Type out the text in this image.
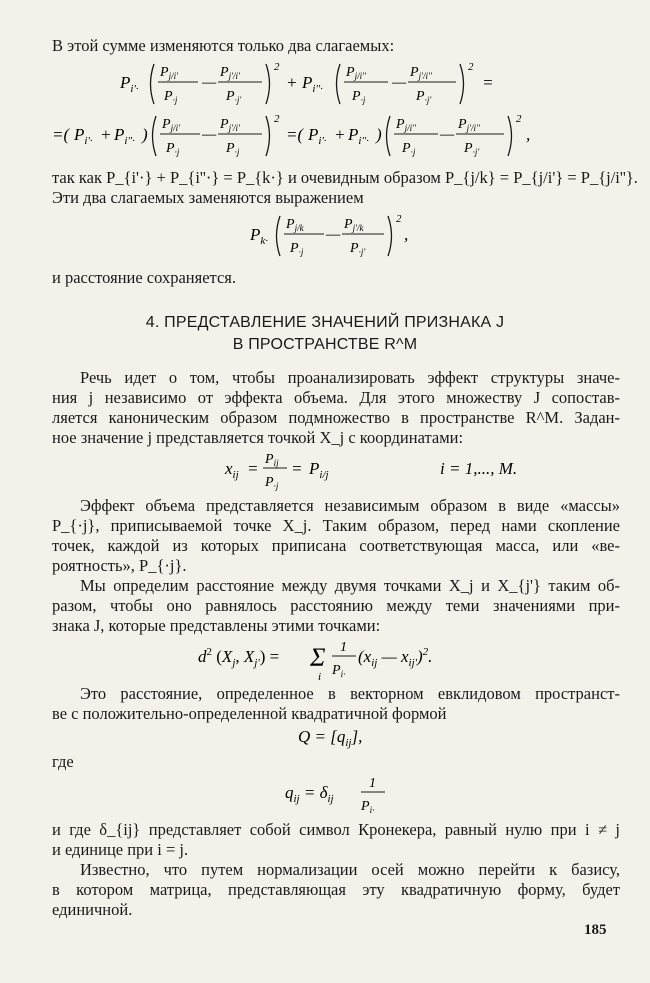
В этой сумме изменяются только два слагаемых:
$P_{i'\cdot}$
$P_{j/i'}$
$P_{\cdot j}$
—
$P_{j'/i'}$
$P_{\cdot j'}$
2
+ $P_{i''\cdot}$
$P_{j/i''}$
$P_{\cdot j}$
—
$P_{j'/i''}$
$P_{\cdot j'}$
2
=
=( $P_{i'\cdot} + P_{i''\cdot}$ )
$P_{j/i'}$
$P_{\cdot j}$
—
$P_{j'/i'}$
$P_{\cdot j}$
2
=( $P_{i'\cdot} + P_{i''\cdot}$ )
$P_{j/i''}$
$P_{\cdot j}$
—
$P_{j'/i''}$
$P_{\cdot j'}$
2
,
так как P_{i'·} + P_{i''·} = P_{k·} и очевидным образом P_{j/k} = P_{j/i'} = P_{j/i''}.
Эти два слагаемых заменяются выражением
$P_{k\cdot}$
$P_{j/k}$
$P_{\cdot j}$
—
$P_{j'/k}$
$P_{\cdot j'}$
2
,
и расстояние сохраняется.
4. ПРЕДСТАВЛЕНИЕ ЗНАЧЕНИЙ ПРИЗНАКА J
В ПРОСТРАНСТВЕ R^M
Речь идет о том, чтобы проанализировать эффект структуры значе-
ния j независимо от эффекта объема. Для этого множеству J сопостав-
ляется каноническим образом подмножество в пространстве R^M. Задан-
ное значение j представляется точкой X_j с координатами:
$x_{ij} = P_{ij}$
$P_{\cdot j}$
= $P_{i/j}$	i = 1,..., M.
Эффект объема представляется независимым образом в виде «массы»
P_{·j}, приписываемой точке X_j. Таким образом, перед нами скопление
точек, каждой из которых приписана соответствующая масса, или «ве-
роятность», P_{·j}.
Мы определим расстояние между двумя точками X_j и X_{j'} таким об-
разом, чтобы оно равнялось расстоянию между теми значениями при-
знака J, которые представлены этими точками:
$d^2$ ($X_j$, $X_{j'}) = \Sigma$
i
1
$P_{i\cdot}$
($x_{ij}$ — $x_{ij'})^2$.
Это расстояние, определенное в векторном евклидовом пространст-
ве с положительно-определенной квадратичной формой
$Q = [q_{ij}]$,
где
$q_{ij} = \delta_{ij}$
1
$P_{i\cdot}$
и где δ_{ij} представляет собой символ Кронекера, равный нулю при i ≠ j
и единице при i = j.
Известно, что путем нормализации осей можно перейти к базису,
в котором матрица, представляющая эту квадратичную форму, будет
единичной.
185
